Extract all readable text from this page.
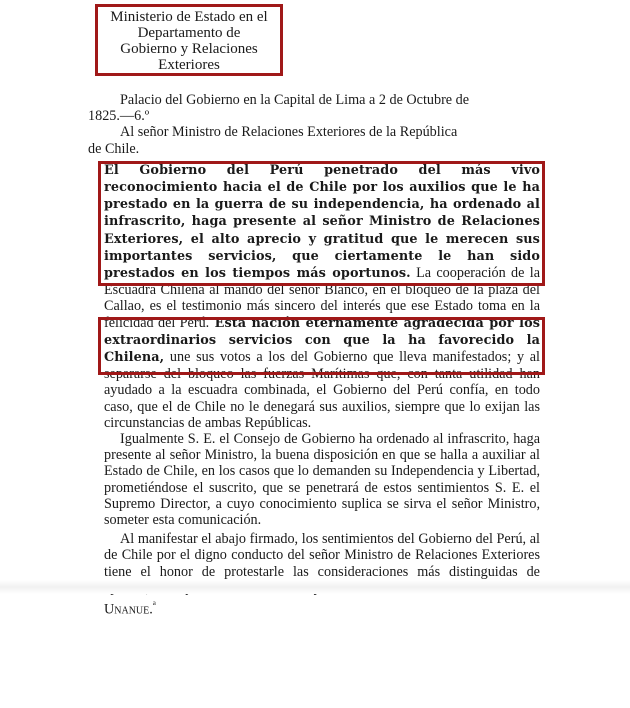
Ministerio de Estado en el
Departamento de
Gobierno y Relaciones
Exteriores

Palacio del Gobierno en la Capital de Lima a 2 de Octubre de
1825.—6.º

Al señor Ministro de Relaciones Exteriores de la República
de Chile.

El Gobierno del Perú penetrado del más vivo reconocimiento hacia el de Chile por los auxilios que le ha prestado en la guerra de su independencia, ha ordenado al infrascrito, haga presente al señor Ministro de Relaciones Exteriores, el alto aprecio y gratitud que le merecen sus importantes servicios, que ciertamente le han sido prestados en los tiempos más oportunos. La cooperación de la Escuadra Chilena al mando del señor Blanco, en el bloqueo de la plaza del Callao, es el testimonio más sincero del interés que ese Estado toma en la felicidad del Perú. Esta nación eternamente agradecida por los extraordinarios servicios con que la ha favorecido la Chilena, une sus votos a los del Gobierno que lleva manifestados; y al separarse del bloqueo las fuerzas Marítimas que, con tanta utilidad han ayudado a la escuadra combinada, el Gobierno del Perú confía, en todo caso, que el de Chile no le denegará sus auxilios, siempre que lo exijan las circunstancias de ambas Repúblicas.

Igualmente S. E. el Consejo de Gobierno ha ordenado al infrascrito, haga presente al señor Ministro, la buena disposición en que se halla a auxiliar al Estado de Chile, en los casos que lo demanden su Independencia y Libertad, prometiéndose el suscrito, que se penetrará de estos sentimientos S. E. el Supremo Director, a cuyo conocimiento suplica se sirva el señor Ministro, someter esta comunicación.

Al manifestar el abajo firmado, los sentimientos del Gobierno del Perú, al de Chile por el digno conducto del señor Ministro de Relaciones Exteriores tiene el honor de protestarle las consideraciones más distinguidas de Unanue.$^ᵃ$
